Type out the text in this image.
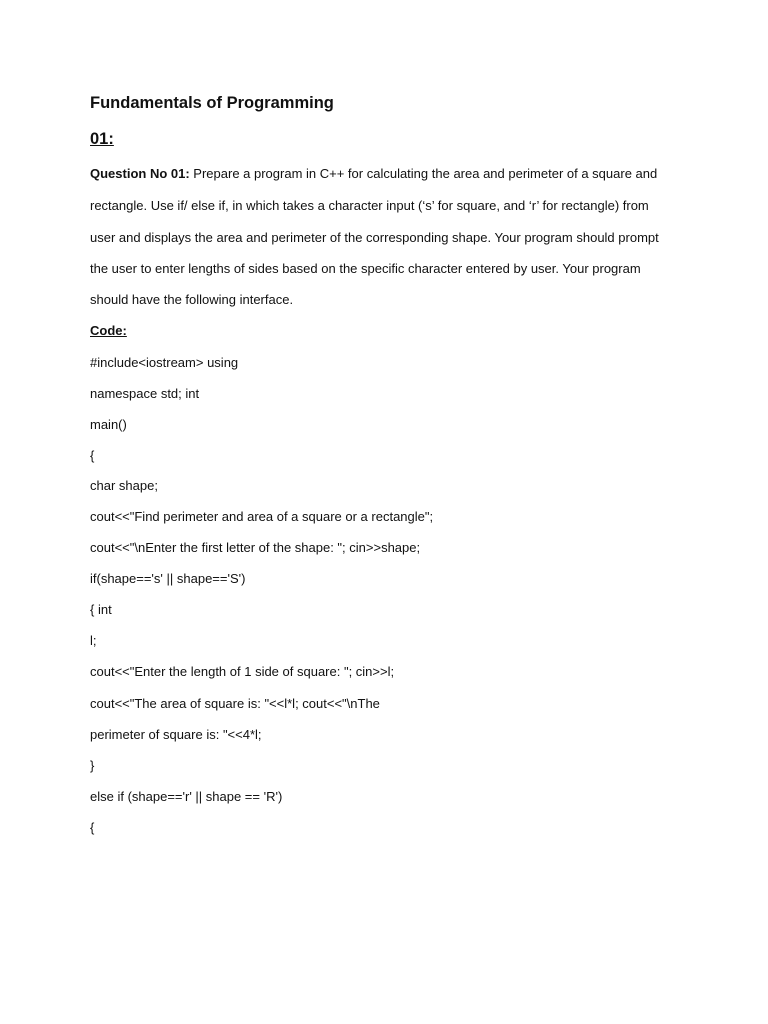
Fundamentals of Programming
01:
Question No 01: Prepare a program in C++ for calculating the area and perimeter of a square and
rectangle. Use if/ else if, in which takes a character input (‘s’ for square, and ‘r’ for rectangle) from
user and displays the area and perimeter of the corresponding shape. Your program should prompt
the user to enter lengths of sides based on the specific character entered by user. Your program
should have the following interface.
Code:
#include<iostream> using
namespace std; int
main()
{
char shape;
cout<<"Find perimeter and area of a square or a rectangle";
cout<<"\nEnter the first letter of the shape: "; cin>>shape;
if(shape=='s' || shape=='S')
{ int
l;
cout<<"Enter the length of 1 side of square: "; cin>>l;
cout<<"The area of square is: "<<l*l; cout<<"\nThe
perimeter of square is: "<<4*l;
}
else if (shape=='r' || shape == 'R')
{
